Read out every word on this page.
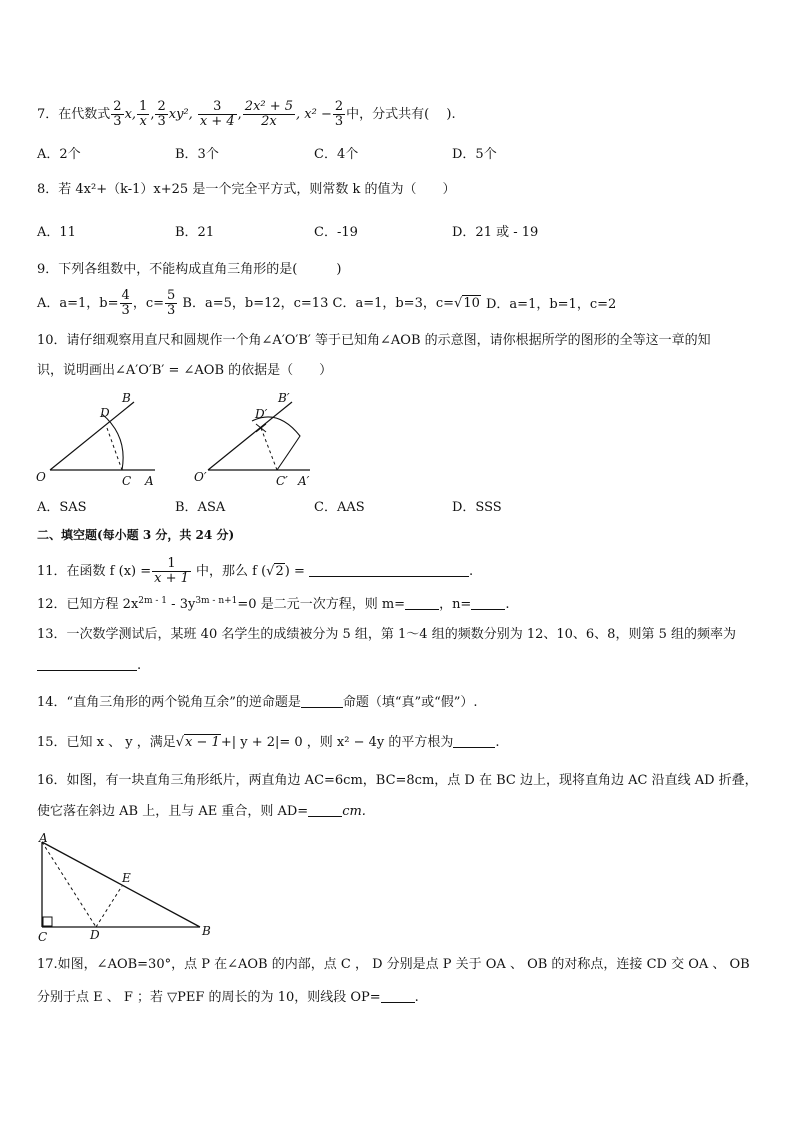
7．在代数式 $\frac{2}{3} x$, $\frac{1}{x}$ , $\frac{2}{3} xy^2$, $\frac{3}{x + 4}$ , $\frac{\text{2x² + 5}}{2x}$ , $x^2 - \frac{2}{3}$ 中，分式共有(　 ).
A．2个	B．3个	C．4个	D．5个
8．若 4x²+（k-1）x+25 是一个完全平方式，则常数 k 的值为（　　）
A．11	B．21	C．-19	D．21 或 - 19
9．下列各组数中，不能构成直角三角形的是(　　　)
A．a=1，$b= \frac{4}{3}$ ，$c= \frac{5}{3}$ B．a=5，b=12，c=13 C．a=1，b=3，c=√10 D．a=1，b=1，c=2
10．请仔细观察用直尺和圆规作一个角∠A′O′B′ 等于已知角∠AOB 的示意图，请你根据所学的图形的全等这一章的知
识，说明画出∠A′O′B′ = ∠AOB 的依据是（　　）
B
D
O	C A
B′
D′
O′	C′ A′
A．SAS	B．ASA	C．AAS	D．SSS
二、填空题(每小题 3 分，共 24 分)
11．在函数 f $(x) = \frac{1}{x + 1}$ 中，那么 f (√2) =	.
12．已知方程 $2x^{2m - 1} - 3y^{3m - n+1}=0$ 是二元一次方程，则 m=	，n=	.
13．一次数学测试后，某班 40 名学生的成绩被分为 5 组，第 1～4 组的频数分别为 12、10、6、8，则第 5 组的频率为
.
14．“直角三角形的两个锐角互余”的逆命题是	命题（填“真”或“假”）.
15．已知 x 、 y ，满足√x − 1+| y + 2|= 0 ，则 x² − 4y 的平方根为	.
16．如图，有一块直角三角形纸片，两直角边 AC=6cm，BC=8cm，点 D 在 BC 边上，现将直角边 AC 沿直线 AD 折叠，
使它落在斜边 AB 上，且与 AE 重合，则 AD=	cm.
A
E
C	D	B
17.如图，∠AOB=30°，点 P 在∠AOB 的内部，点 C ， D 分别是点 P 关于 OA 、 OB 的对称点，连接 CD 交 OA 、 OB
分别于点 E 、 F ；若 ▽PEF 的周长的为 10，则线段 OP=	.
